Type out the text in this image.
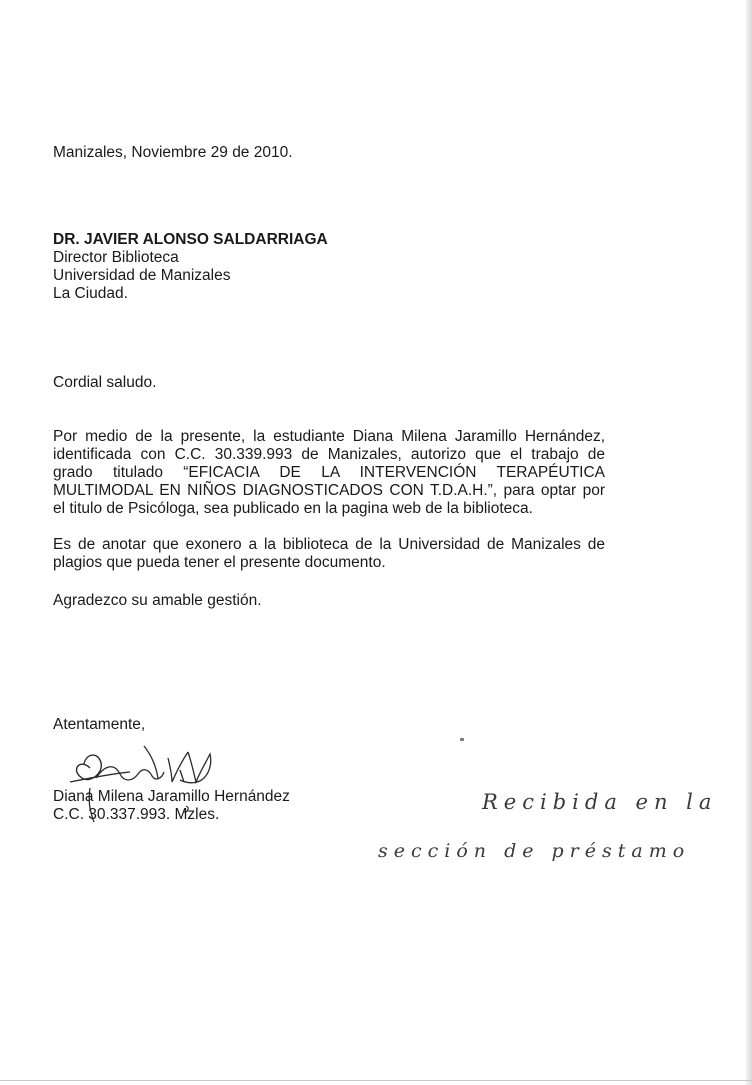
Manizales, Noviembre 29 de 2010.
DR. JAVIER ALONSO SALDARRIAGA
Director Biblioteca
Universidad de Manizales
La Ciudad.
Cordial saludo.
Por medio de la presente, la estudiante Diana Milena Jaramillo Hernández,
identificada con C.C. 30.339.993 de Manizales, autorizo que el trabajo de
grado titulado “EFICACIA DE LA INTERVENCIÓN TERAPÉUTICA
MULTIMODAL EN NIÑOS DIAGNOSTICADOS CON T.D.A.H.”, para optar por
el titulo de Psicóloga, sea publicado en la pagina web de la biblioteca.
Es de anotar que exonero a la biblioteca de la Universidad de Manizales de
plagios que pueda tener el presente documento.
Agradezco su amable gestión.
Atentamente,
Diana Milena Jaramillo Hernández
C.C. 30.337.993. Mzles.
Recibida en la
sección de préstamo
